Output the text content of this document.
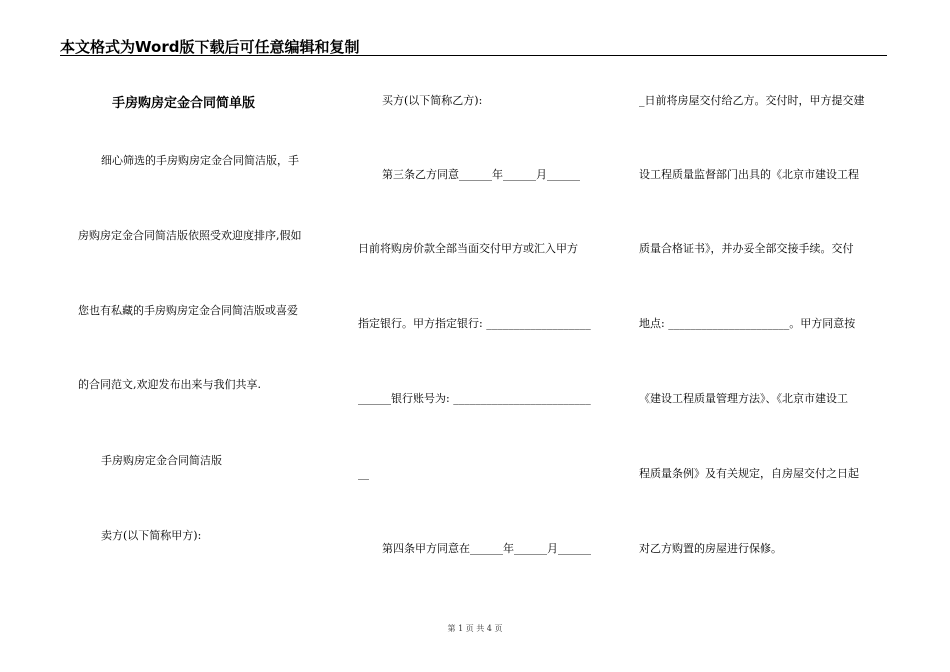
本文格式为Word版下载后可任意编辑和复制
手房购房定金合同简单版
细心筛选的手房购房定金合同简洁版，手
房购房定金合同简洁版依照受欢迎度排序,假如
您也有私藏的手房购房定金合同简洁版或喜爱
的合同范文,欢迎发布出来与我们共享.
手房购房定金合同简洁版
卖方(以下简称甲方):
买方(以下简称乙方):
第三条乙方同意______年______月______
日前将购房价款全部当面交付甲方或汇入甲方
指定银行。甲方指定银行: ___________________
______银行账号为: _________________________
__
第四条甲方同意在______年______月______
_日前将房屋交付给乙方。交付时，甲方提交建
设工程质量监督部门出具的《北京市建设工程
质量合格证书》，并办妥全部交接手续。交付
地点: ______________________。甲方同意按
《建设工程质量管理方法》、《北京市建设工
程质量条例》及有关规定，自房屋交付之日起
对乙方购置的房屋进行保修。
第 1 页 共 4 页
